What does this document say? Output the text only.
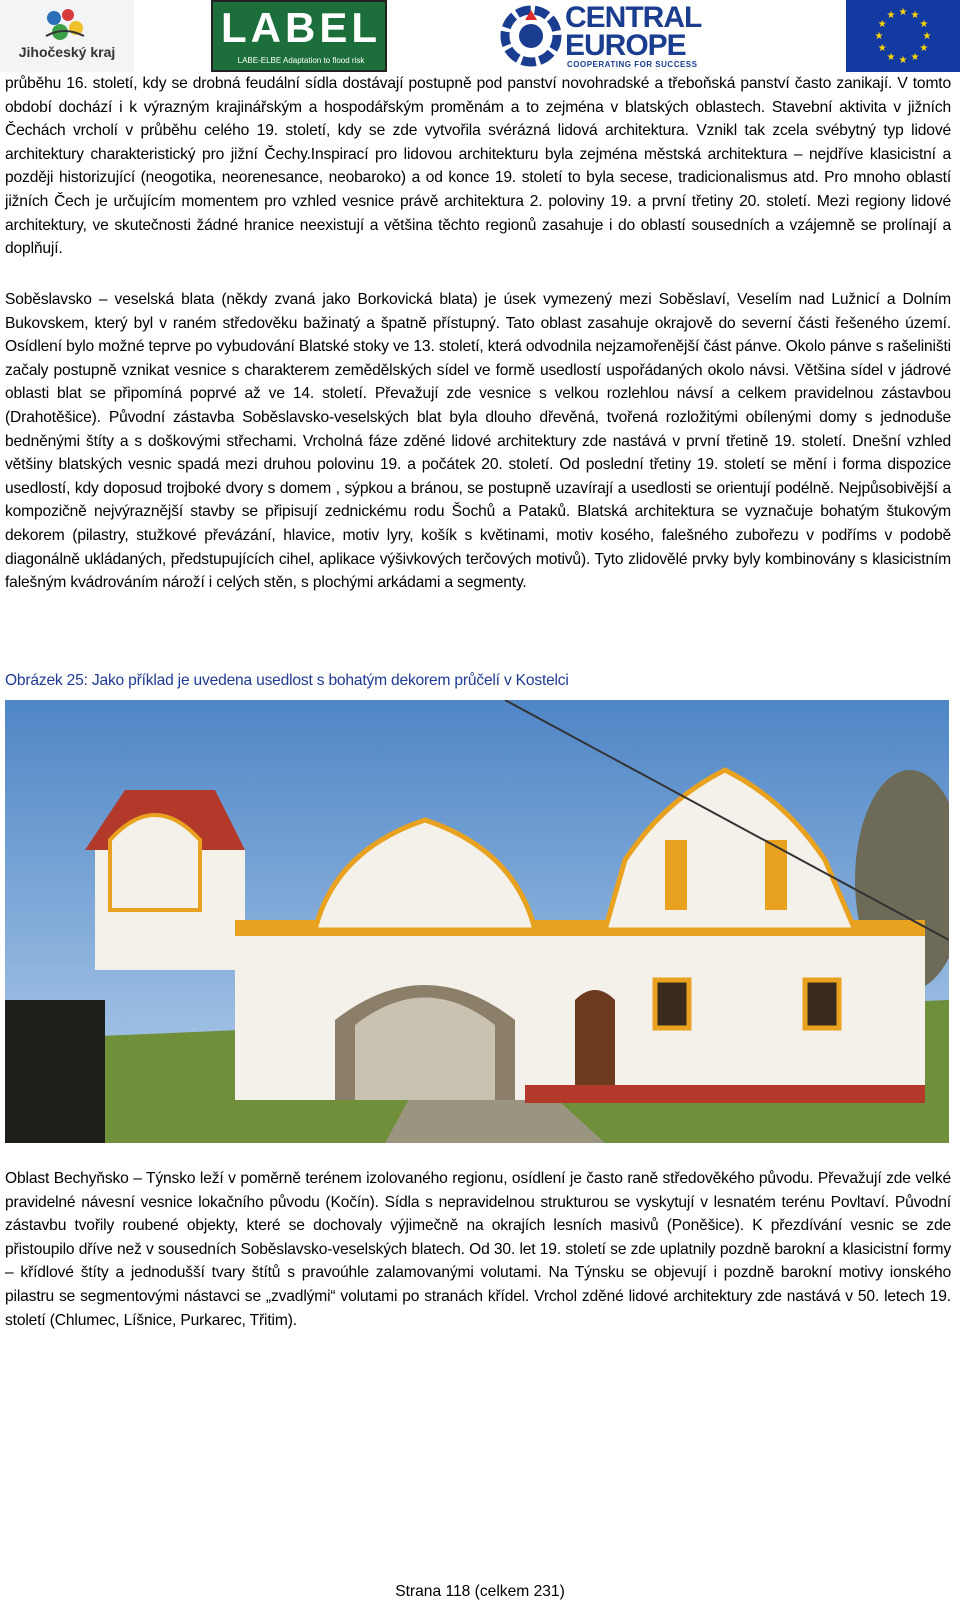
Jihočeský kraj
LABEL
LABE-ELBE Adaptation to flood risk
CENTRAL
EUROPE
COOPERATING FOR SUCCESS
★ ★
★
★
★
★
★
★
★
★
★
★

průběhu 16. století, kdy se drobná feudální sídla dostávají postupně pod panství novohradské a třeboňská panství často zanikají. V tomto období dochází i k výrazným krajinářským a hospodářským proměnám a to zejména v blatských oblastech. Stavební aktivita v jižních Čechách vrcholí v průběhu celého 19. století, kdy se zde vytvořila svérázná lidová architektura. Vznikl tak zcela svébytný typ lidové architektury charakteristický pro jižní Čechy.Inspirací pro lidovou architekturu byla zejména městská architektura – nejdříve klasicistní a později historizující (neogotika, neorenesance, neobaroko) a od konce 19. století to byla secese, tradicionalismus atd. Pro mnoho oblastí jižních Čech je určujícím momentem pro vzhled vesnice právě architektura 2. poloviny 19. a první třetiny 20. století. Mezi regiony lidové architektury, ve skutečnosti žádné hranice neexistují a většina těchto regionů zasahuje i do oblastí sousedních a vzájemně se prolínají a doplňují.

Soběslavsko – veselská blata (někdy zvaná jako Borkovická blata) je úsek vymezený mezi Soběslaví, Veselím nad Lužnicí a Dolním Bukovskem, který byl v raném středověku bažinatý a špatně přístupný. Tato oblast zasahuje okrajově do severní části řešeného území. Osídlení bylo možné teprve po vybudování Blatské stoky ve 13. století, která odvodnila nejzamořenější část pánve. Okolo pánve s rašeliništi začaly postupně vznikat vesnice s charakterem zemědělských sídel ve formě usedlostí uspořádaných okolo návsi. Většina sídel v jádrové oblasti blat se připomíná poprvé až ve 14. století. Převažují zde vesnice s velkou rozlehlou návsí a celkem pravidelnou zástavbou (Drahotěšice). Původní zástavba Soběslavsko-veselských blat byla dlouho dřevěná, tvořená rozložitými obílenými domy s jednoduše bedněnými štíty a s doškovými střechami. Vrcholná fáze zděné lidové architektury zde nastává v první třetině 19. století. Dnešní vzhled většiny blatských vesnic spadá mezi druhou polovinu 19. a počátek 20. století. Od poslední třetiny 19. století se mění i forma dispozice usedlostí, kdy doposud trojboké dvory s domem , sýpkou a bránou, se postupně uzavírají a usedlosti se orientují podélně. Nejpůsobivější a kompozičně nejvýraznější stavby se připisují zednickému rodu Šochů a Pataků. Blatská architektura se vyznačuje bohatým štukovým dekorem (pilastry, stužkové převázání, hlavice, motiv lyry, košík s květinami, motiv kosého, falešného zubořezu v podříms v podobě diagonálně ukládaných, předstupujících cihel, aplikace výšivkových terčových motivů). Tyto zlidovělé prvky byly kombinovány s klasicistním falešným kvádrováním nároží i celých stěn, s plochými arkádami a segmenty.

Obrázek 25: Jako příklad je uvedena usedlost s bohatým dekorem průčelí v Kostelci

Oblast Bechyňsko – Týnsko leží v poměrně terénem izolovaného regionu, osídlení je často raně středověkého původu. Převažují zde velké pravidelné návesní vesnice lokačního původu (Kočín). Sídla s nepravidelnou strukturou se vyskytují v lesnatém terénu Povltaví. Původní zástavbu tvořily roubené objekty, které se dochovaly výjimečně na okrajích lesních masivů (Poněšice). K přezdívání vesnic se zde přistoupilo dříve než v sousedních Soběslavsko-veselských blatech. Od 30. let 19. století se zde uplatnily pozdně barokní a klasicistní formy – křídlové štíty a jednodušší tvary štítů s pravoúhle zalamovanými volutami. Na Týnsku se objevují i pozdně barokní motivy ionského pilastru se segmentovými nástavci se „zvadlými“ volutami po stranách křídel. Vrchol zděné lidové architektury zde nastává v 50. letech 19. století (Chlumec, Líšnice, Purkarec, Třitim).

Strana 118 (celkem 231)
